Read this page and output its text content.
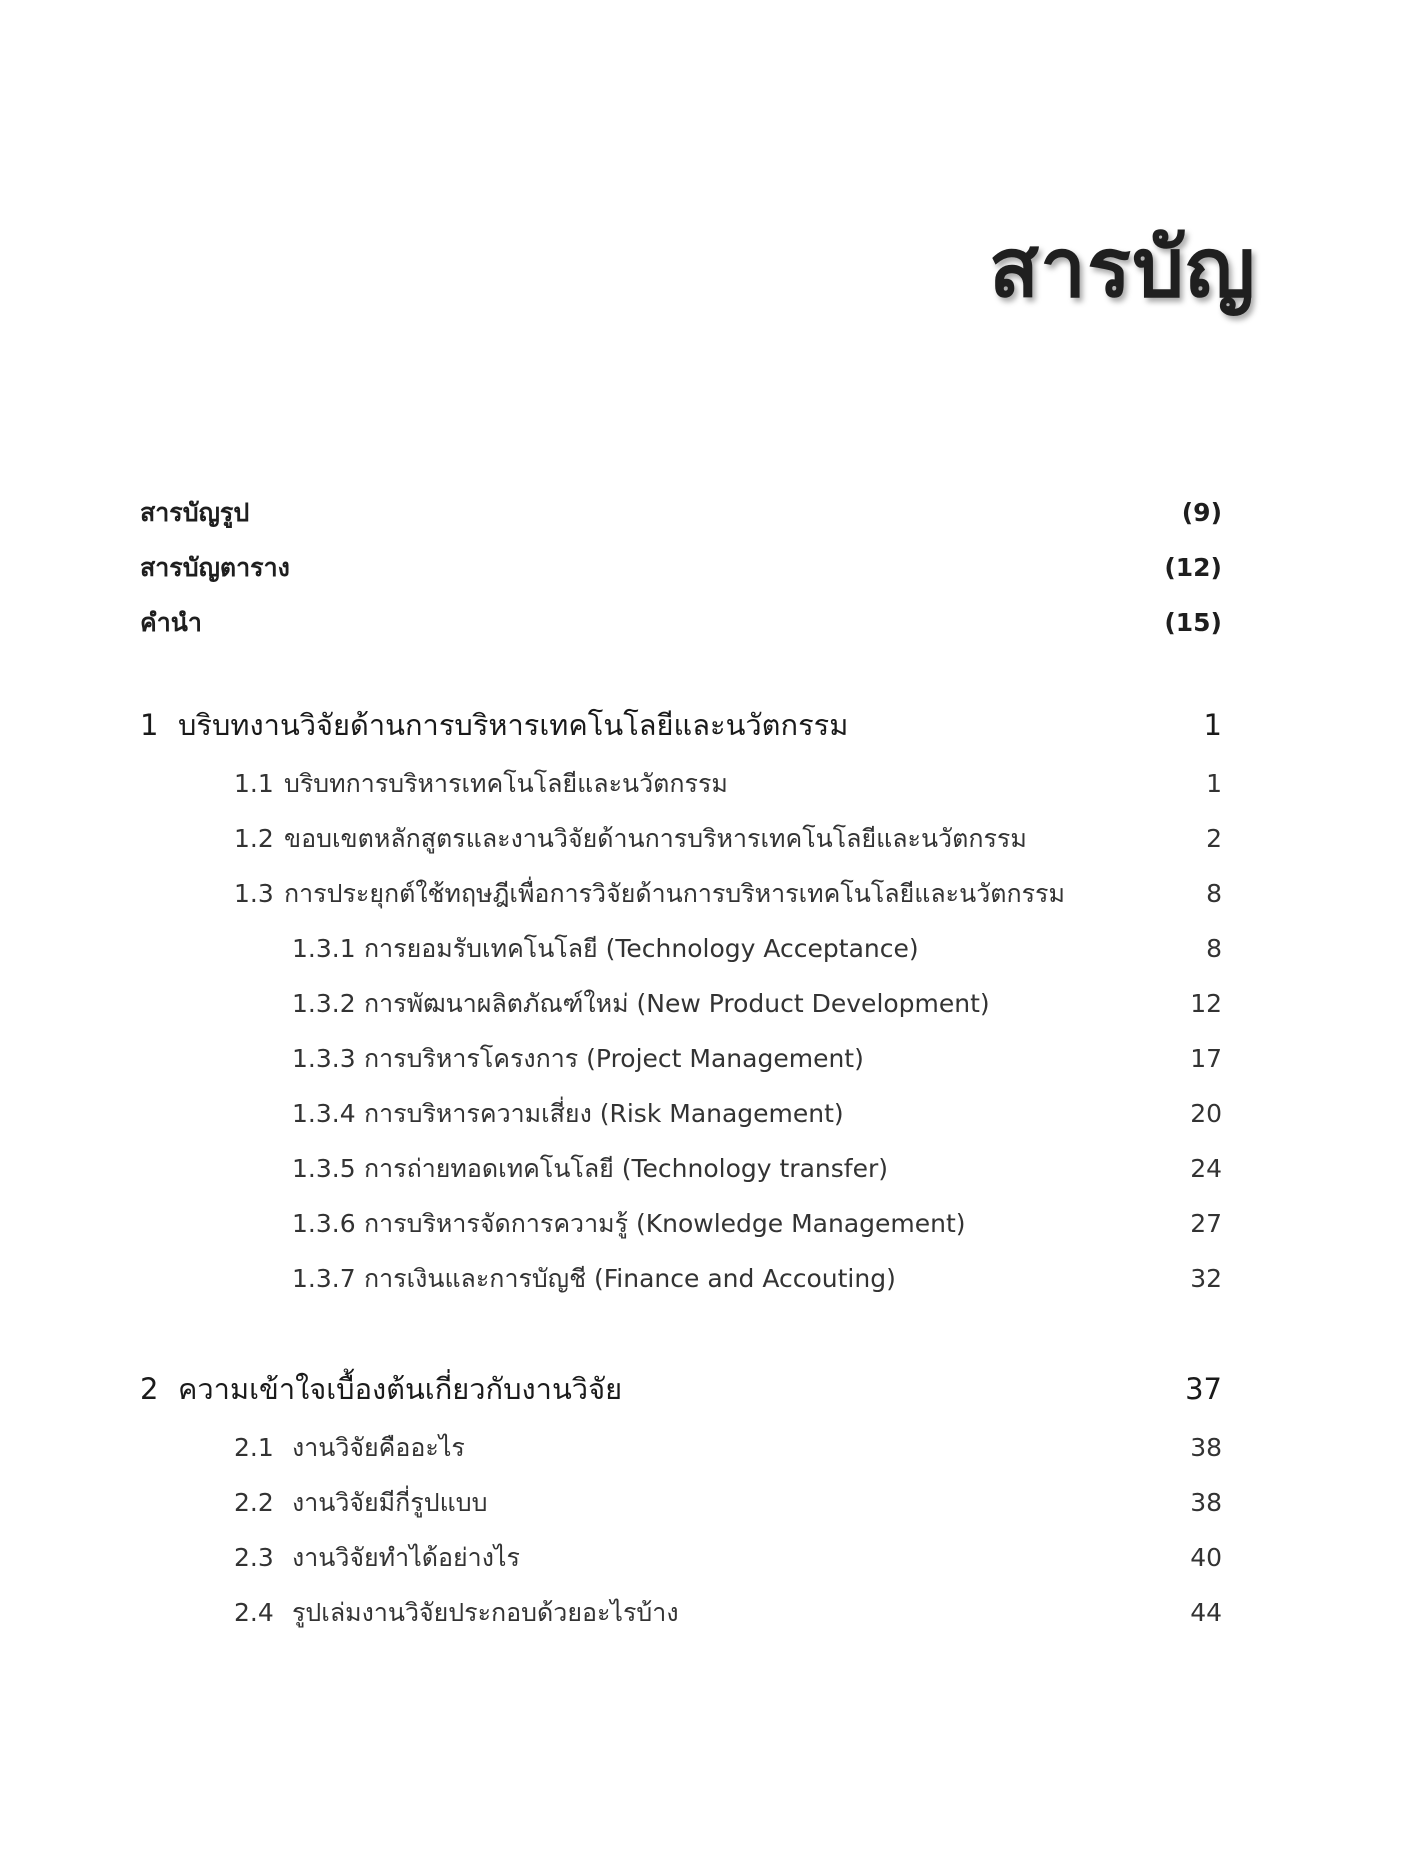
สารบัญ
สารบัญรูป	(9)
สารบัญตาราง	(12)
คำนำ	(15)
1 บริบทงานวิจัยด้านการบริหารเทคโนโลยีและนวัตกรรม	1
1.1 บริบทการบริหารเทคโนโลยีและนวัตกรรม	1
1.2 ขอบเขตหลักสูตรและงานวิจัยด้านการบริหารเทคโนโลยีและนวัตกรรม	2
1.3 การประยุกต์ใช้ทฤษฎีเพื่อการวิจัยด้านการบริหารเทคโนโลยีและนวัตกรรม	8
1.3.1 การยอมรับเทคโนโลยี (Technology Acceptance)	8
1.3.2 การพัฒนาผลิตภัณฑ์ใหม่ (New Product Development)	12
1.3.3 การบริหารโครงการ (Project Management)	17
1.3.4 การบริหารความเสี่ยง (Risk Management)	20
1.3.5 การถ่ายทอดเทคโนโลยี (Technology transfer)	24
1.3.6 การบริหารจัดการความรู้ (Knowledge Management)	27
1.3.7 การเงินและการบัญชี (Finance and Accouting)	32
2 ความเข้าใจเบื้องต้นเกี่ยวกับงานวิจัย	37
2.1 งานวิจัยคืออะไร	38
2.2 งานวิจัยมีกี่รูปแบบ	38
2.3 งานวิจัยทำได้อย่างไร	40
2.4 รูปเล่มงานวิจัยประกอบด้วยอะไรบ้าง	44
